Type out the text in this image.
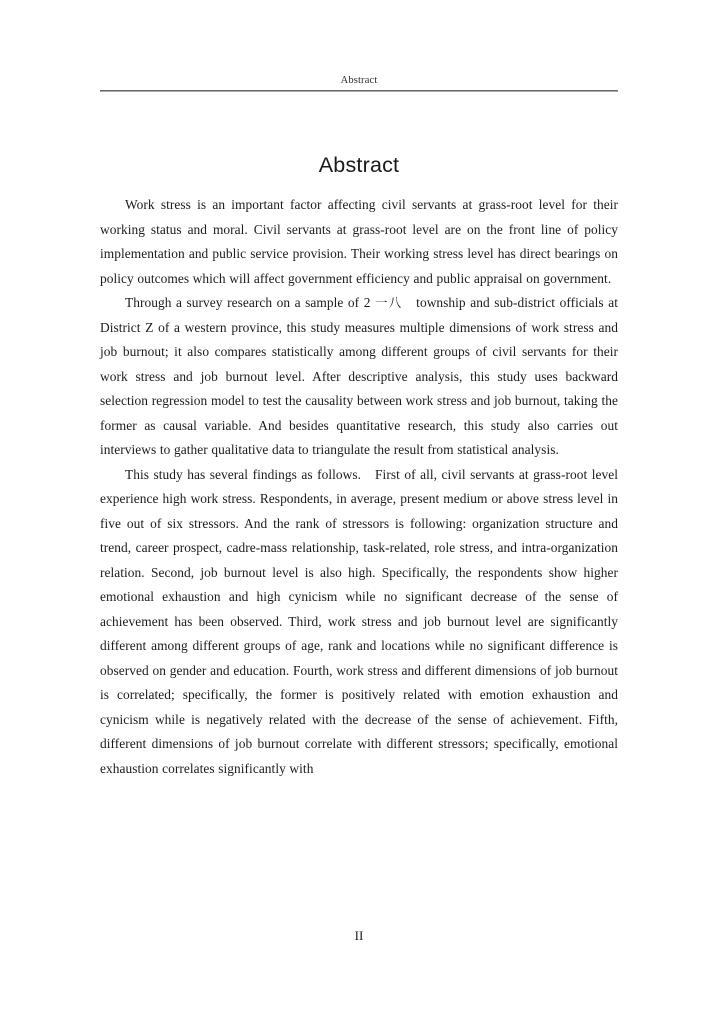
Abstract
Abstract

Work stress is an important factor affecting civil servants at grass-root level for their working status and moral. Civil servants at grass-root level are on the front line of policy implementation and public service provision. Their working stress level has direct bearings on policy outcomes which will affect government efficiency and public appraisal on government.

Through a survey research on a sample of 2 一八 township and sub-district officials at District Z of a western province, this study measures multiple dimensions of work stress and job burnout; it also compares statistically among different groups of civil servants for their work stress and job burnout level. After descriptive analysis, this study uses backward selection regression model to test the causality between work stress and job burnout, taking the former as causal variable. And besides quantitative research, this study also carries out interviews to gather qualitative data to triangulate the result from statistical analysis.

This study has several findings as follows. First of all, civil servants at grass-root level experience high work stress. Respondents, in average, present medium or above stress level in five out of six stressors. And the rank of stressors is following: organization structure and trend, career prospect, cadre-mass relationship, task-related, role stress, and intra-organization relation. Second, job burnout level is also high. Specifically, the respondents show higher emotional exhaustion and high cynicism while no significant decrease of the sense of achievement has been observed. Third, work stress and job burnout level are significantly different among different groups of age, rank and locations while no significant difference is observed on gender and education. Fourth, work stress and different dimensions of job burnout is correlated; specifically, the former is positively related with emotion exhaustion and cynicism while is negatively related with the decrease of the sense of achievement. Fifth, different dimensions of job burnout correlate with different stressors; specifically, emotional exhaustion correlates significantly with

II
